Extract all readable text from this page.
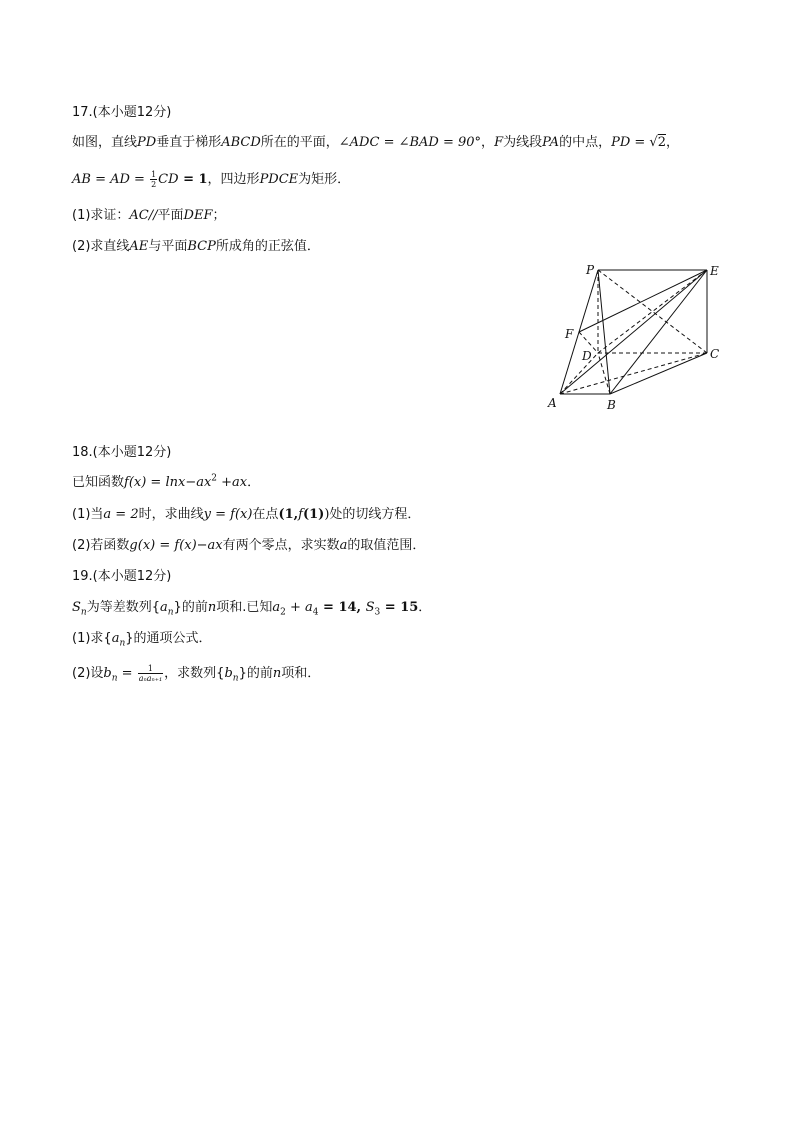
17.(本小题12分)
如图，直线PD垂直于梯形ABCD所在的平面，∠ADC = ∠BAD = 90°，F为线段PA的中点，PD = √2，
AB = AD = $\frac{1}{2}$ CD = 1，四边形PDCE为矩形．
(1)求证：AC//平面DEF；
(2)求直线AE与平面BCP所成角的正弦值．
P	E
F
D	C
A	B
18.(本小题12分)
已知函数$f(x) = \ln x-ax^2 +ax$．
(1)当a = 2时，求曲线y = f(x)在点(1,f(1))处的切线方程．
(2)若函数g(x) = f(x)−ax有两个零点，求实数a的取值范围．
19.(本小题12分)
$S_n$为等差数列$\{a_n\}$的前n项和.已知$a_2 + a_4 = 14$, $S_3 = 15$．
(1)求$\{a_n\}$的通项公式．
(2)设$b_n = \frac{1}{\text{aₙaₙ₊₁}}$ ，求数列$\{b_n\}$的前n项和．
